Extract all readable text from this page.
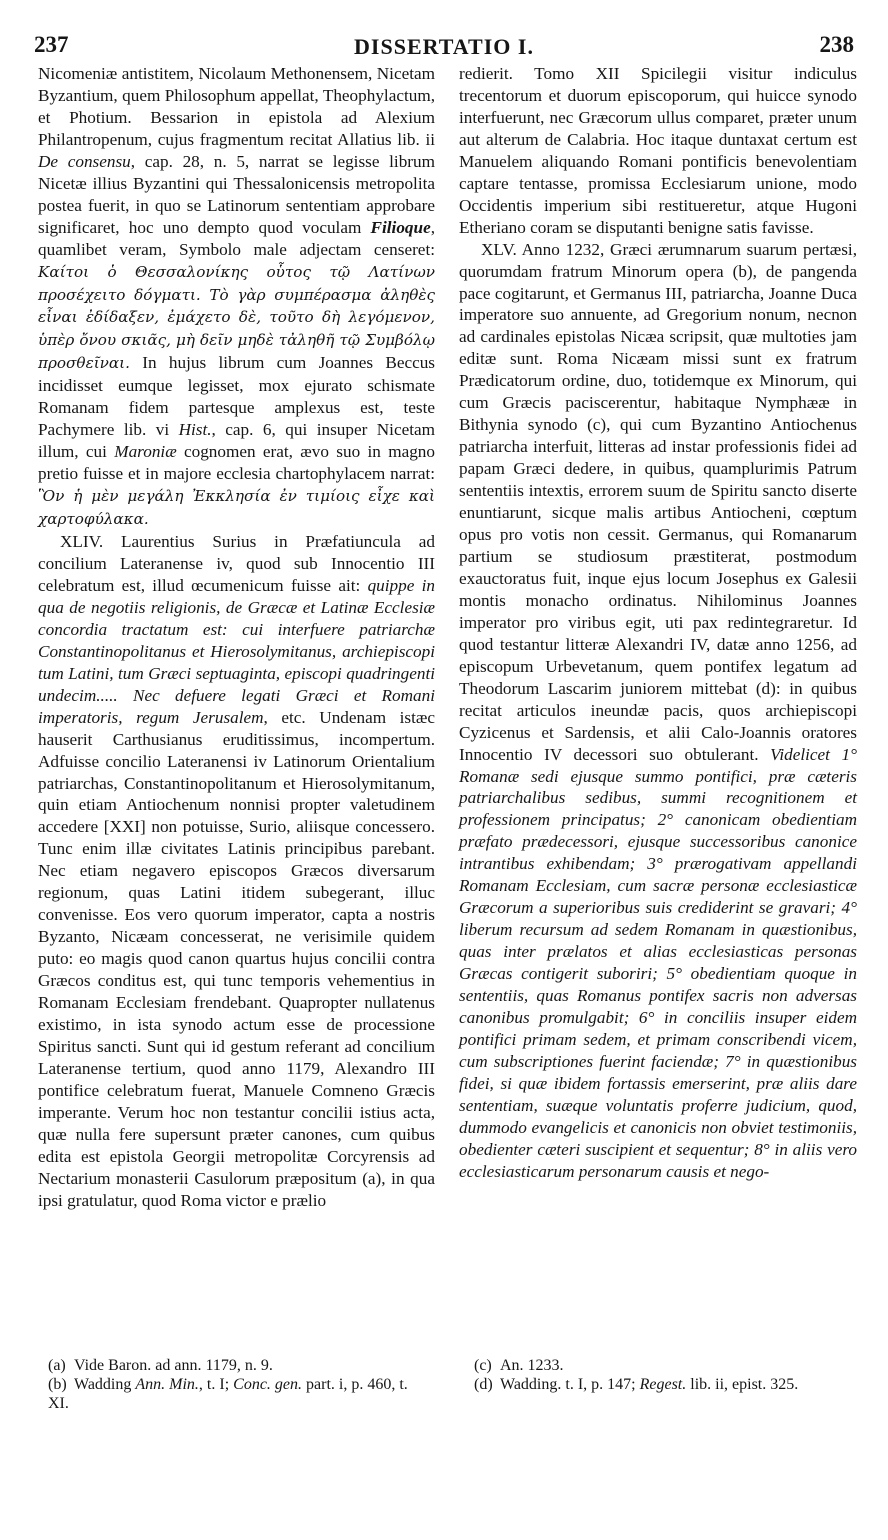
237	DISSERTATIO I.	238

Nicomeniæ antistitem, Nicolaum Methonensem, Nicetam Byzantium, quem Philosophum appellat, Theophylactum, et Photium. Bessarion in epistola ad Alexium Philantropenum, cujus fragmentum recitat Allatius lib. ii De consensu, cap. 28, n. 5, narrat se legisse librum Nicetæ illius Byzantini qui Thessalonicensis metropolita postea fuerit, in quo se Latinorum sententiam approbare significaret, hoc uno dempto quod voculam Filioque, quamlibet veram, Symbolo male adjectam censeret: Καίτοι ὁ Θεσσαλονίκης οὗτος τῷ Λατίνων προσέχειτο δόγματι. Τὸ γὰρ συμπέρασμα ἀληθὲς εἶναι ἐδίδαξεν, ἐμάχετο δὲ, τοῦτο δὴ λεγόμενον, ὑπὲρ ὄνου σκιᾶς, μὴ δεῖν μηδὲ τἀληθῆ τῷ Συμβόλῳ προσθεῖναι. In hujus librum cum Joannes Beccus incidisset eumque legisset, mox ejurato schismate Romanam fidem partesque amplexus est, teste Pachymere lib. vi Hist., cap. 6, qui insuper Nicetam illum, cui Maroniæ cognomen erat, ævo suo in magno pretio fuisse et in majore ecclesia chartophylacem narrat: Ὃν ἡ μὲν μεγάλη Ἐκκλησία ἐν τιμίοις εἶχε καὶ χαρτοφύλακα.

XLIV. Laurentius Surius in Præfatiuncula ad concilium Lateranense iv, quod sub Innocentio III celebratum est, illud œcumenicum fuisse ait: quippe in qua de negotiis religionis, de Græcæ et Latinæ Ecclesiæ concordia tractatum est: cui interfuere patriarchæ Constantinopolitanus et Hierosolymitanus, archiepiscopi tum Latini, tum Græci septuaginta, episcopi quadringenti undecim..... Nec defuere legati Græci et Romani imperatoris, regum Jerusalem, etc. Undenam istæc hauserit Carthusianus eruditissimus, incompertum. Adfuisse concilio Lateranensi iv Latinorum Orientalium patriarchas, Constantinopolitanum et Hierosolymitanum, quin etiam Antiochenum nonnisi propter valetudinem accedere [XXI] non potuisse, Surio, aliisque concessero. Tunc enim illæ civitates Latinis principibus parebant. Nec etiam negavero episcopos Græcos diversarum regionum, quas Latini itidem subegerant, illuc convenisse. Eos vero quorum imperator, capta a nostris Byzanto, Nicæam concesserat, ne verisimile quidem puto: eo magis quod canon quartus hujus concilii contra Græcos conditus est, qui tunc temporis vehementius in Romanam Ecclesiam frendebant. Quapropter nullatenus existimo, in ista synodo actum esse de processione Spiritus sancti. Sunt qui id gestum referant ad concilium Lateranense tertium, quod anno 1179, Alexandro III pontifice celebratum fuerat, Manuele Comneno Græcis imperante. Verum hoc non testantur concilii istius acta, quæ nulla fere supersunt præter canones, cum quibus edita est epistola Georgii metropolitæ Corcyrensis ad Nectarium monasterii Casulorum præpositum (a), in qua ipsi gratulatur, quod Roma victor e prælio

redierit. Tomo XII Spicilegii visitur indiculus trecentorum et duorum episcoporum, qui huicce synodo interfuerunt, nec Græcorum ullus comparet, præter unum aut alterum de Calabria. Hoc itaque duntaxat certum est Manuelem aliquando Romani pontificis benevolentiam captare tentasse, promissa Ecclesiarum unione, modo Occidentis imperium sibi restitueretur, atque Hugoni Etheriano coram se disputanti benigne satis favisse.

XLV. Anno 1232, Græci ærumnarum suarum pertæsi, quorumdam fratrum Minorum opera (b), de pangenda pace cogitarunt, et Germanus III, patriarcha, Joanne Duca imperatore suo annuente, ad Gregorium nonum, necnon ad cardinales epistolas Nicæa scripsit, quæ multoties jam editæ sunt. Roma Nicæam missi sunt ex fratrum Prædicatorum ordine, duo, totidemque ex Minorum, qui cum Græcis paciscerentur, habitaque Nymphææ in Bithynia synodo (c), qui cum Byzantino Antiochenus patriarcha interfuit, litteras ad instar professionis fidei ad papam Græci dedere, in quibus, quamplurimis Patrum sententiis intextis, errorem suum de Spiritu sancto diserte enuntiarunt, sicque malis artibus Antiocheni, cœptum opus pro votis non cessit. Germanus, qui Romanarum partium se studiosum præstiterat, postmodum exauctoratus fuit, inque ejus locum Josephus ex Galesii montis monacho ordinatus. Nihilominus Joannes imperator pro viribus egit, uti pax redintegraretur. Id quod testantur litteræ Alexandri IV, datæ anno 1256, ad episcopum Urbevetanum, quem pontifex legatum ad Theodorum Lascarim juniorem mittebat (d): in quibus recitat articulos ineundæ pacis, quos archiepiscopi Cyzicenus et Sardensis, et alii Calo-Joannis oratores Innocentio IV decessori suo obtulerant. Videlicet 1° Romanæ sedi ejusque summo pontifici, præ cæteris patriarchalibus sedibus, summi recognitionem et professionem principatus; 2° canonicam obedientiam præfato prædecessori, ejusque successoribus canonice intrantibus exhibendam; 3° prærogativam appellandi Romanam Ecclesiam, cum sacræ personæ ecclesiasticæ Græcorum a superioribus suis crediderint se gravari; 4° liberum recursum ad sedem Romanam in quæstionibus, quas inter prælatos et alias ecclesiasticas personas Græcas contigerit suboriri; 5° obedientiam quoque in sententiis, quas Romanus pontifex sacris non adversas canonibus promulgabit; 6° in conciliis insuper eidem pontifici primam sedem, et primam conscribendi vicem, cum subscriptiones fuerint faciendæ; 7° in quæstionibus fidei, si quæ ibidem fortassis emerserint, præ aliis dare sententiam, suæque voluntatis proferre judicium, quod, dummodo evangelicis et canonicis non obviet testimoniis, obedienter cæteri suscipient et sequentur; 8° in aliis vero ecclesiasticarum personarum causis et nego-

(a) Vide Baron. ad ann. 1179, n. 9.

(b) Wadding Ann. Min., t. I; Conc. gen. part. i, p. 460, t. XI.

(c) An. 1233.

(d) Wadding. t. I, p. 147; Regest. lib. ii, epist. 325.
